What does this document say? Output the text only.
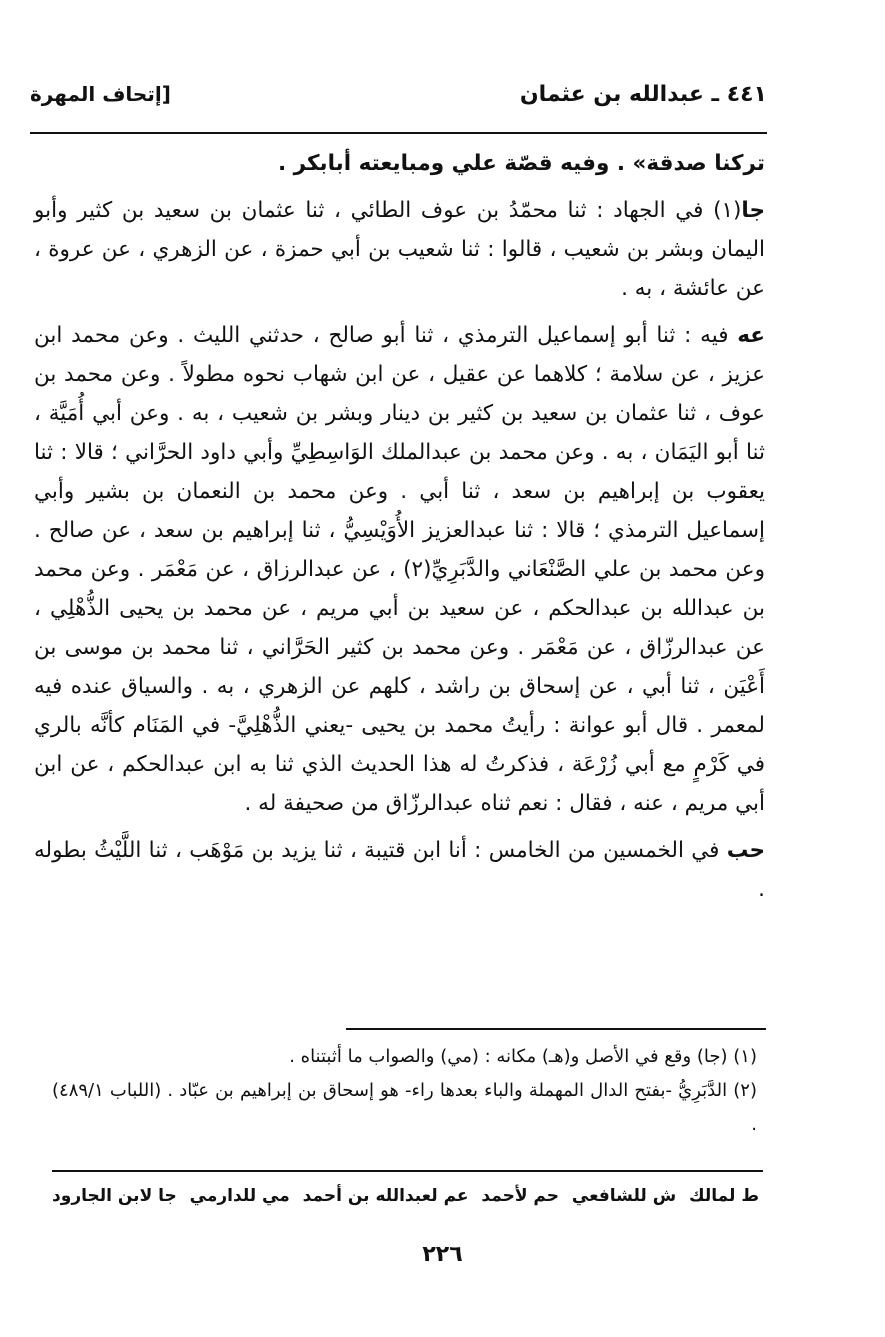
٤٤١ ـ عبدالله بن عثمان
[إتحاف المهرة

تركنا صدقة» . وفيه قصّة علي ومبايعته أبابكر .

جا(١) في الجهاد : ثنا محمّدُ بن عوف الطائي ، ثنا عثمان بن سعيد بن كثير وأبو اليمان وبشر بن شعيب ، قالوا : ثنا شعيب بن أبي حمزة ، عن الزهري ، عن عروة ، عن عائشة ، به .

عه فيه : ثنا أبو إسماعيل الترمذي ، ثنا أبو صالح ، حدثني الليث . وعن محمد ابن عزيز ، عن سلامة ؛ كلاهما عن عقيل ، عن ابن شهاب نحوه مطولاً . وعن محمد بن عوف ، ثنا عثمان بن سعيد بن كثير بن دينار وبشر بن شعيب ، به . وعن أبي أُمَيَّة ، ثنا أبو اليَمَان ، به . وعن محمد بن عبدالملك الوَاسِطِيِّ وأبي داود الحرَّاني ؛ قالا : ثنا يعقوب بن إبراهيم بن سعد ، ثنا أبي . وعن محمد بن النعمان بن بشير وأبي إسماعيل الترمذي ؛ قالا : ثنا عبدالعزيز الأُوَيْسِيُّ ، ثنا إبراهيم بن سعد ، عن صالح . وعن محمد بن علي الصَّنْعَاني والدَّبَرِيِّ(٢) ، عن عبدالرزاق ، عن مَعْمَر . وعن محمد بن عبدالله بن عبدالحكم ، عن سعيد بن أبي مريم ، عن محمد بن يحيى الذُّهْلِي ، عن عبدالرزّاق ، عن مَعْمَر . وعن محمد بن كثير الحَرَّاني ، ثنا محمد بن موسى بن أَعْيَن ، ثنا أبي ، عن إسحاق بن راشد ، كلهم عن الزهري ، به . والسياق عنده فيه لمعمر . قال أبو عوانة : رأيتُ محمد بن يحيى -يعني الذُّهْلِيَّ- في المَنَام كأنَّه بالري في كَرْمٍ مع أبي زُرْعَة ، فذكرتُ له هذا الحديث الذي ثنا به ابن عبدالحكم ، عن ابن أبي مريم ، عنه ، فقال : نعم ثناه عبدالرزّاق من صحيفة له .

حب في الخمسين من الخامس : أنا ابن قتيبة ، ثنا يزيد بن مَوْهَب ، ثنا اللَّيْثُ بطوله .

(١) (جا) وقع في الأصل و(هـ) مكانه : (مي) والصواب ما أثبتناه .

(٢) الدَّبَرِيُّ -بفتح الدال المهملة والباء بعدها راء- هو إسحاق بن إبراهيم بن عبّاد . (اللباب ٤٨٩/١) .

ط لمالك
ش للشافعي
حم لأحمد
عم لعبدالله بن أحمد
مي للدارمي
جا لابن الجارود
٢٢٦
